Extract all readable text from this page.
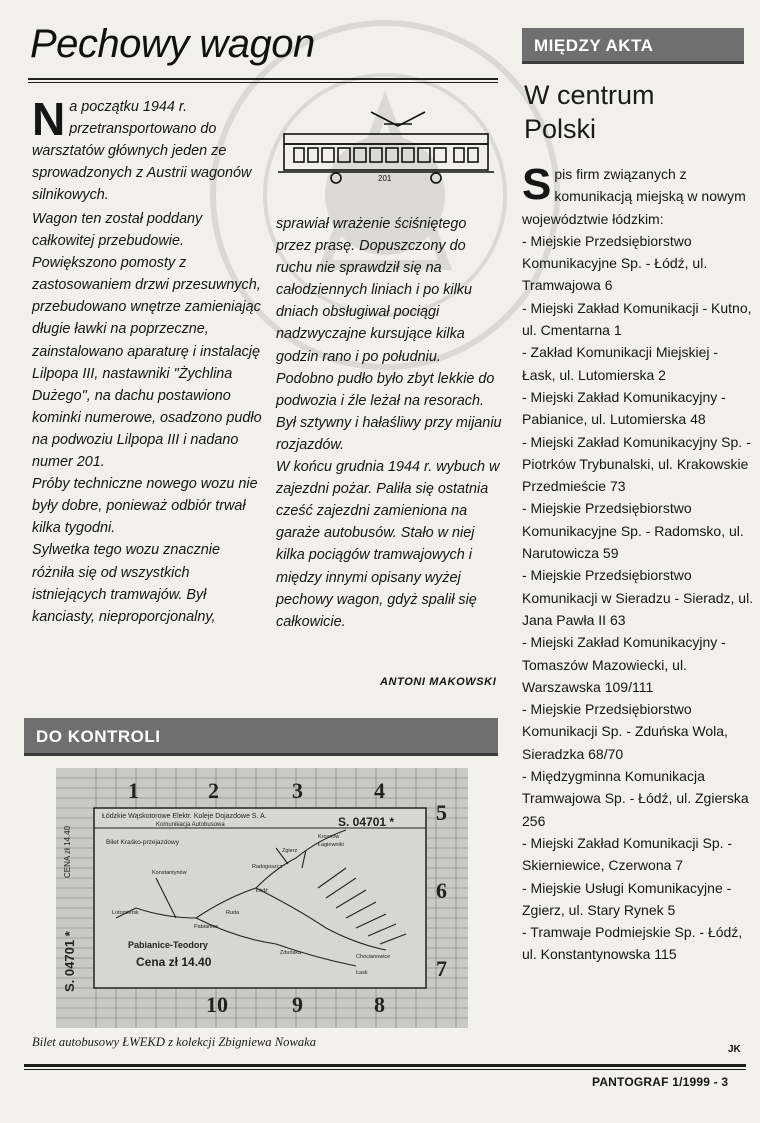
Pechowy wagon

Na początku 1944 r. przetransportowano do warsztatów głównych jeden ze sprowadzonych z Austrii wagonów silnikowych.

Wagon ten został poddany całkowitej przebudowie. Powiększono pomosty z zastosowaniem drzwi przesuwnych, przebudowano wnętrze zamieniając długie ławki na poprzeczne, zainstalowano aparaturę i instalację Lilpopa III, nastawniki "Żychlina Dużego", na dachu postawiono kominki numerowe, osadzono pudło na podwoziu Lilpopa III i nadano numer 201.

Próby techniczne nowego wozu nie były dobre, ponieważ odbiór trwał kilka tygodni.

Sylwetka tego wozu znacznie różniła się od wszystkich istniejących tramwajów. Był kanciasty, nieproporcjonalny,

201

sprawiał wrażenie ściśniętego przez prasę. Dopuszczony do ruchu nie sprawdził się na całodziennych liniach i po kilku dniach obsługiwał pociągi nadzwyczajne kursujące kilka godzin rano i po południu.

Podobno pudło było zbyt lekkie do podwozia i źle leżał na resorach. Był sztywny i hałaśliwy przy mijaniu rozjazdów.

W końcu grudnia 1944 r. wybuch w zajezdni pożar. Paliła się ostatnia cześć zajezdni zamieniona na garaże autobusów. Stało w niej kilka pociągów tramwajowych i między innymi opisany wyżej pechowy wagon, gdyż spalił się całkowicie.

ANTONI MAKOWSKI
MIĘDZY AKTA
W centrum
Polski

Spis firm związanych z komunikacją miejską w nowym województwie łódzkim:

- Miejskie Przedsiębiorstwo Komunikacyjne Sp. - Łódź, ul. Tramwajowa 6

- Miejski Zakład Komunikacji - Kutno, ul. Cmentarna 1

- Zakład Komunikacji Miejskiej - Łask, ul. Lutomierska 2

- Miejski Zakład Komunikacyjny - Pabianice, ul. Lutomierska 48

- Miejski Zakład Komunikacyjny Sp. - Piotrków Trybunalski, ul. Krakowskie Przedmieście 73

- Miejskie Przedsiębiorstwo Komunikacyjne Sp. - Radomsko, ul. Narutowicza 59

- Miejskie Przedsiębiorstwo Komunikacji w Sieradzu - Sieradz, ul. Jana Pawła II 63

- Miejski Zakład Komunikacyjny - Tomaszów Mazowiecki, ul. Warszawska 109/111

- Miejskie Przedsiębiorstwo Komunikacji Sp. - Zduńska Wola, Sieradzka 68/70

- Międzygminna Komunikacja Tramwajowa Sp. - Łódź, ul. Zgierska 256

- Miejski Zakład Komunikacji Sp. - Skierniewice, Czerwona 7

- Miejskie Usługi Komunikacyjne - Zgierz, ul. Stary Rynek 5

- Tramwaje Podmiejskie Sp. - Łódź, ul. Konstantynowska 115

JK
DO KONTROLI
1	2	3	4
5
6
7
10	9	8
Łódzkie Wąskotorowe Elektr. Koleje Dojazdowe S. A.
Komunikacja Autobusowa	S. 04701 *
Bilet Kraśko-przejazdowy
Pabianice-Teodory
Cena zł 14.40
S. 04701 *
CENA zł 14.40	Krosnów
Łagiewniki
Zgierz
Radogoszcz
Łódź
Konstantynów
Lutomiersk
Pabianice
Ruda
Łask
Zduńska
Chocianowice
Bilet autobusowy ŁWEKD z kolekcji Zbigniewa Nowaka
PANTOGRAF 1/1999 - 3
